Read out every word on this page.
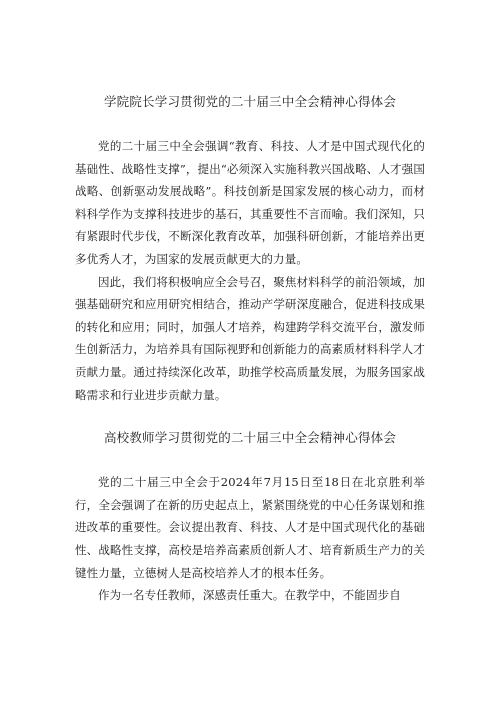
学院院长学习贯彻党的二十届三中全会精神心得体会

党的二十届三中全会强调“教育、科技、人才是中国式现代化的基础性、战略性支撑”，提出“必须深入实施科教兴国战略、人才强国战略、创新驱动发展战略”。科技创新是国家发展的核心动力，而材料科学作为支撑科技进步的基石，其重要性不言而喻。我们深知，只有紧跟时代步伐，不断深化教育改革，加强科研创新，才能培养出更多优秀人才，为国家的发展贡献更大的力量。

因此，我们将积极响应全会号召，聚焦材料科学的前沿领域，加强基础研究和应用研究相结合，推动产学研深度融合，促进科技成果的转化和应用；同时，加强人才培养，构建跨学科交流平台，激发师生创新活力，为培养具有国际视野和创新能力的高素质材料科学人才贡献力量。通过持续深化改革，助推学校高质量发展，为服务国家战略需求和行业进步贡献力量。

高校教师学习贯彻党的二十届三中全会精神心得体会

党的二十届三中全会于2024年7月15日至18日在北京胜利举行，全会强调了在新的历史起点上，紧紧围绕党的中心任务谋划和推进改革的重要性。会议提出教育、科技、人才是中国式现代化的基础性、战略性支撑，高校是培养高素质创新人才、培育新质生产力的关键性力量，立德树人是高校培养人才的根本任务。

作为一名专任教师，深感责任重大。在教学中，不能固步自
